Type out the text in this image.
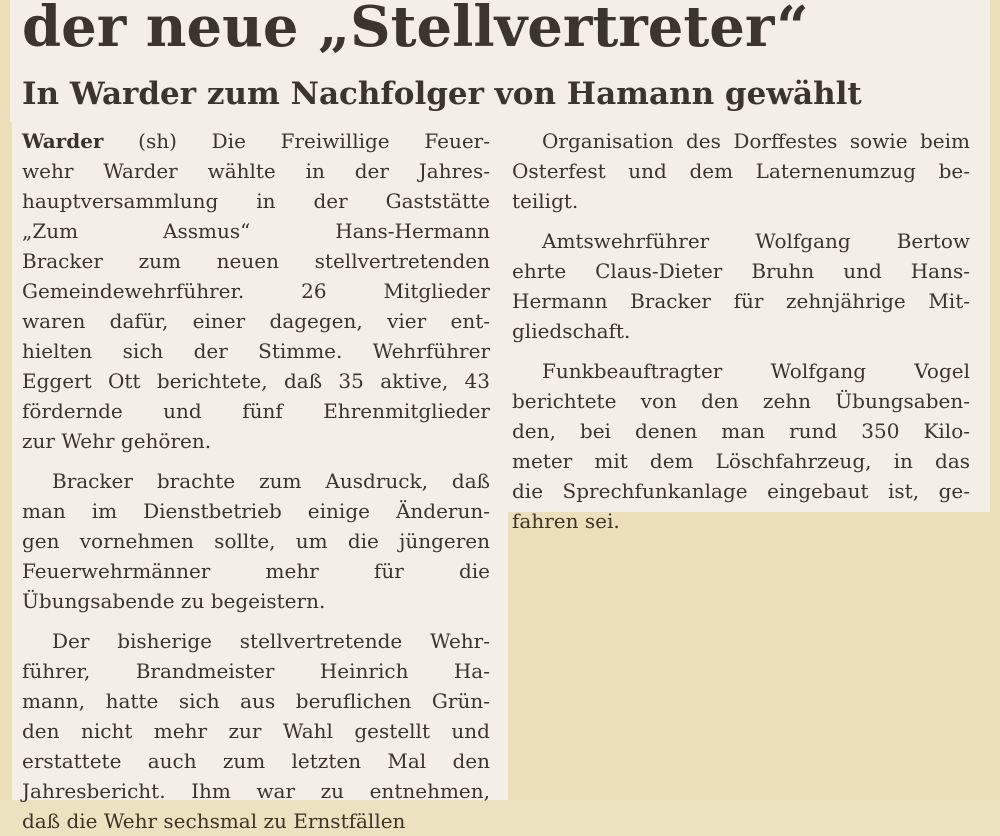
der neue „Stellvertreter“
In Warder zum Nachfolger von Hamann gewählt
Warder (sh) Die Freiwillige Feuer-
wehr Warder wählte in der Jahres-
hauptversammlung in der Gaststätte
„Zum Assmus“ Hans-Hermann
Bracker zum neuen stellvertretenden
Gemeindewehrführer. 26 Mitglieder
waren dafür, einer dagegen, vier ent-
hielten sich der Stimme. Wehrführer
Eggert Ott berichtete, daß 35 aktive, 43
fördernde und fünf Ehrenmitglieder
zur Wehr gehören.
Bracker brachte zum Ausdruck, daß
man im Dienstbetrieb einige Änderun-
gen vornehmen sollte, um die jüngeren
Feuerwehrmänner mehr für die
Übungsabende zu begeistern.
Der bisherige stellvertretende Wehr-
führer, Brandmeister Heinrich Ha-
mann, hatte sich aus beruflichen Grün-
den nicht mehr zur Wahl gestellt und
erstattete auch zum letzten Mal den
Jahresbericht. Ihm war zu entnehmen,
daß die Wehr sechsmal zu Ernstfällen
Organisation des Dorffestes sowie beim
Osterfest und dem Laternenumzug be-
teiligt.
Amtswehrführer Wolfgang Bertow
ehrte Claus-Dieter Bruhn und Hans-
Hermann Bracker für zehnjährige Mit-
gliedschaft.
Funkbeauftragter Wolfgang Vogel
berichtete von den zehn Übungsaben-
den, bei denen man rund 350 Kilo-
meter mit dem Löschfahrzeug, in das
die Sprechfunkanlage eingebaut ist, ge-
fahren sei.
